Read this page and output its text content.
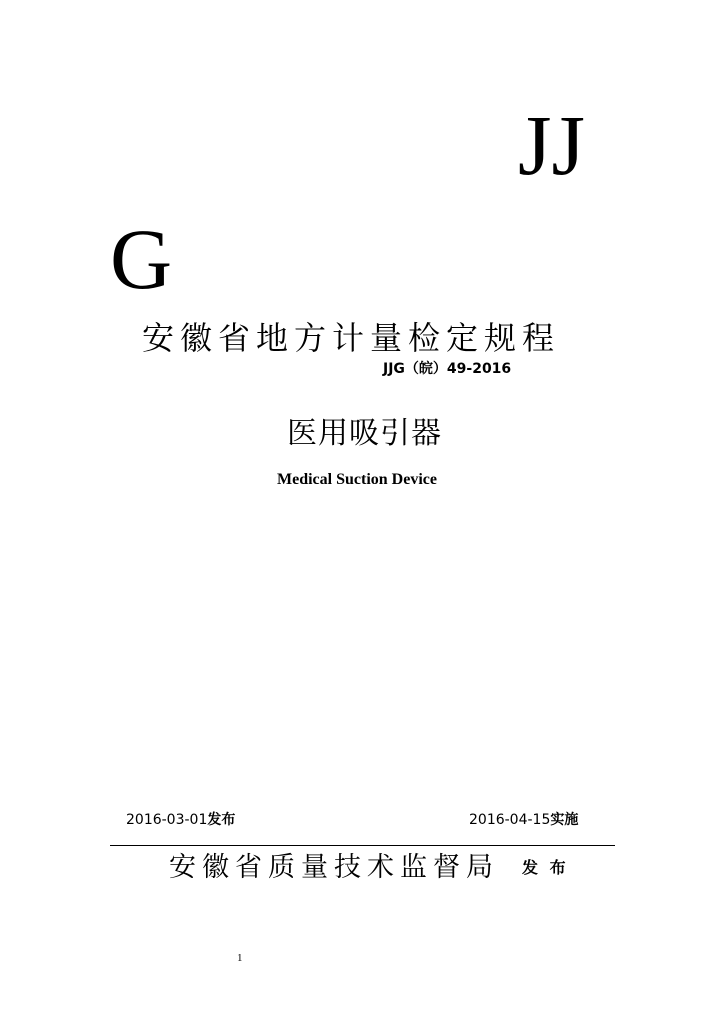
JJ
G
安徽省地方计量检定规程
JJG（皖）49-2016
医用吸引器
Medical Suction Device
2016-03-01发布	2016-04-15实施
安徽省质量技术监督局 发 布
1
